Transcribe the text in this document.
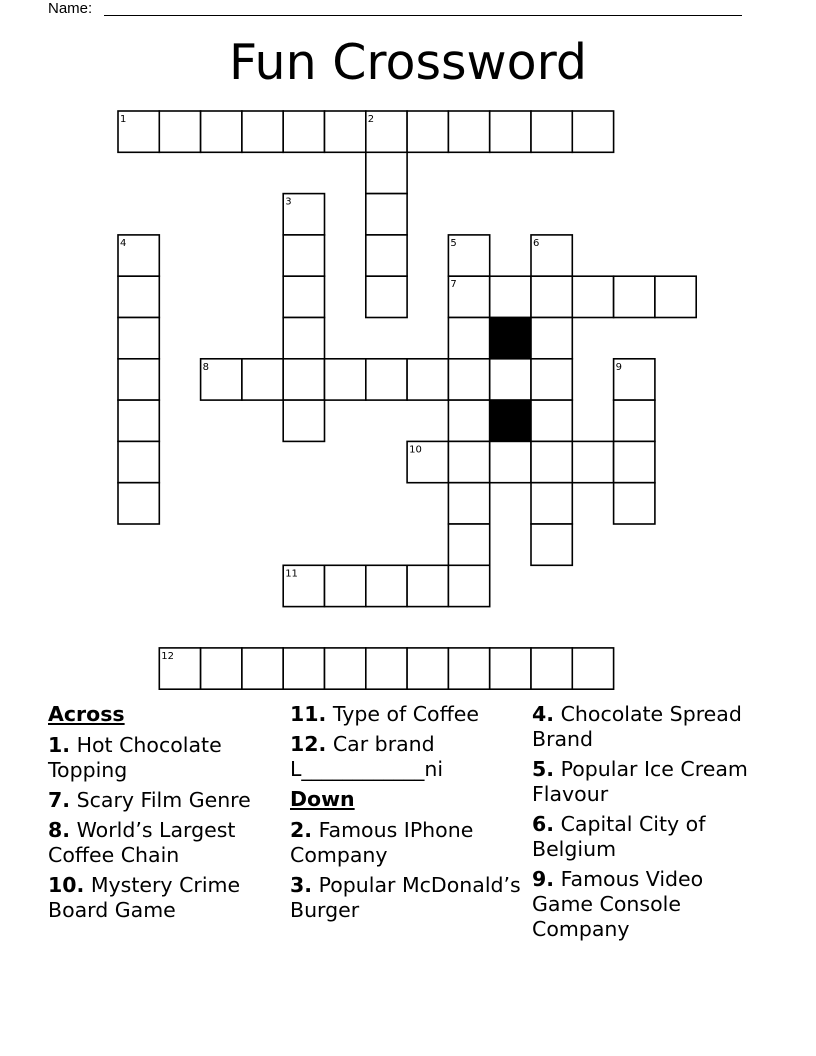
Name:
Fun Crossword
1	2
3
4	5	6
7
8	9
10
11
12
Across
1. Hot Chocolate Topping
7. Scary Film Genre
8. World’s Largest Coffee Chain
10. Mystery Crime Board Game
11. Type of Coffee
12. Car brand L____________ni
Down
2. Famous IPhone Company
3. Popular McDonald’s Burger
4. Chocolate Spread Brand
5. Popular Ice Cream Flavour
6. Capital City of Belgium
9. Famous Video Game Console Company
